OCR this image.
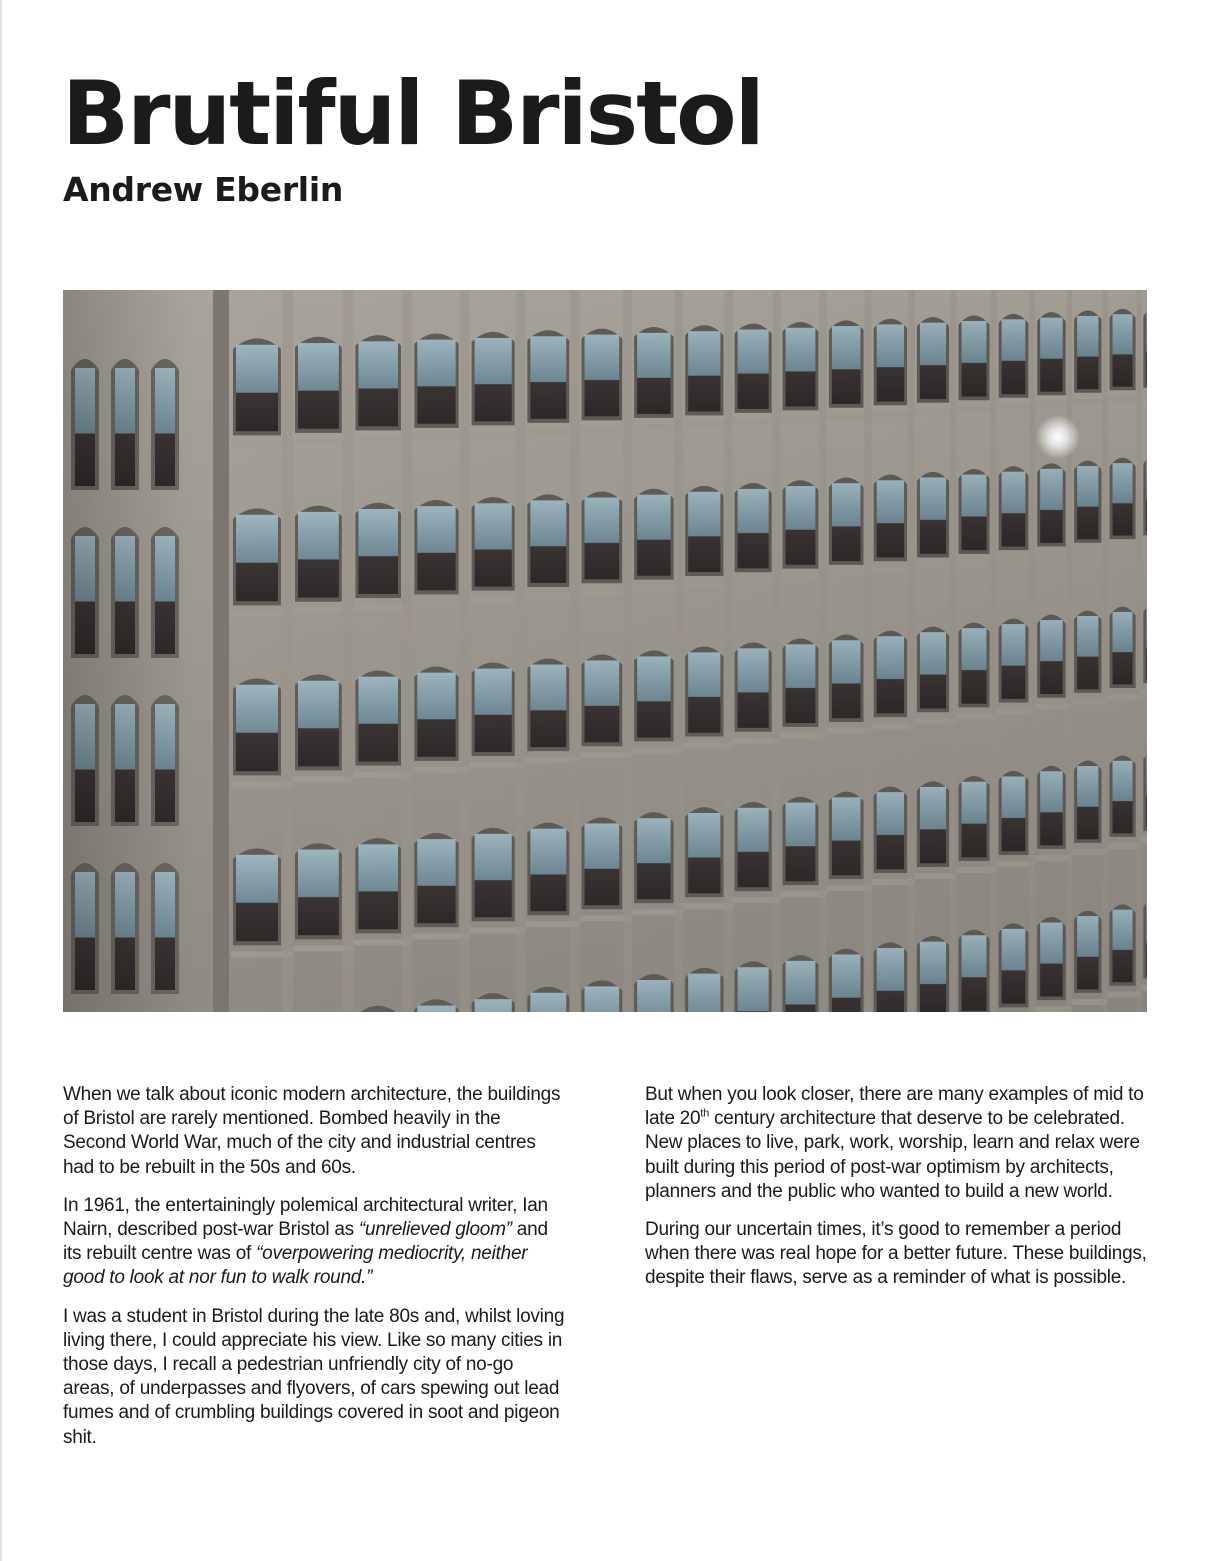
Brutiful Bristol
Andrew Eberlin

When we talk about iconic modern architecture, the buildings of Bristol are rarely mentioned. Bombed heavily in the Second World War, much of the city and industrial centres had to be rebuilt in the 50s and 60s.

In 1961, the entertainingly polemical architectural writer, Ian Nairn, described post-war Bristol as “unrelieved gloom” and its rebuilt centre was of “overpowering mediocrity, neither good to look at nor fun to walk round.”

I was a student in Bristol during the late 80s and, whilst loving living there, I could appreciate his view. Like so many cities in those days, I recall a pedestrian unfriendly city of no-go areas, of underpasses and flyovers, of cars spewing out lead fumes and of crumbling buildings covered in soot and pigeon shit.

But when you look closer, there are many examples of mid to late 20th century architecture that deserve to be celebrated. New places to live, park, work, worship, learn and relax were built during this period of post-war optimism by architects, planners and the public who wanted to build a new world.

During our uncertain times, it’s good to remember a period when there was real hope for a better future. These buildings, despite their flaws, serve as a reminder of what is possible.
